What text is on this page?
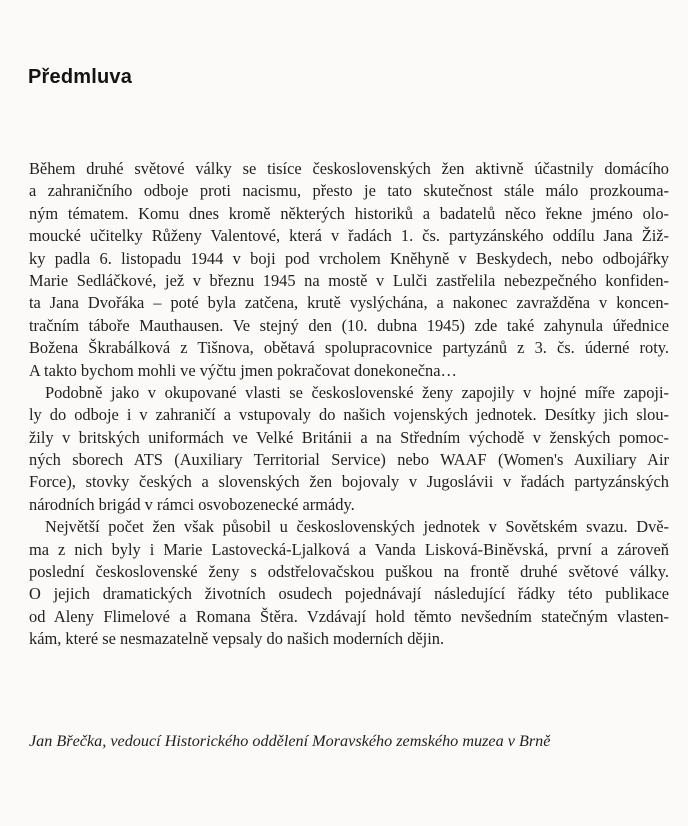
Předmluva

Během druhé světové války se tisíce československých žen aktivně účastnily domácího
a zahraničního odboje proti nacismu, přesto je tato skutečnost stále málo prozkouma-
ným tématem. Komu dnes kromě některých historiků a badatelů něco řekne jméno olo-
moucké učitelky Růženy Valentové, která v řadách 1. čs. partyzánského oddílu Jana Žiž-
ky padla 6. listopadu 1944 v boji pod vrcholem Kněhyně v Beskydech, nebo odbojářky
Marie Sedláčkové, jež v březnu 1945 na mostě v Lulči zastřelila nebezpečného konfiden-
ta Jana Dvořáka – poté byla zatčena, krutě vyslýchána, a nakonec zavražděna v koncen-
tračním táboře Mauthausen. Ve stejný den (10. dubna 1945) zde také zahynula úřednice
Božena Škrabálková z Tišnova, obětavá spolupracovnice partyzánů z 3. čs. úderné roty.
A takto bychom mohli ve výčtu jmen pokračovat donekonečna…

Podobně jako v okupované vlasti se československé ženy zapojily v hojné míře zapoji-
ly do odboje i v zahraničí a vstupovaly do našich vojenských jednotek. Desítky jich slou-
žily v britských uniformách ve Velké Británii a na Středním východě v ženských pomoc-
ných sborech ATS (Auxiliary Territorial Service) nebo WAAF (Women's Auxiliary Air
Force), stovky českých a slovenských žen bojovaly v Jugoslávii v řadách partyzánských
národních brigád v rámci osvobozenecké armády.

Největší počet žen však působil u československých jednotek v Sovětském svazu. Dvě-
ma z nich byly i Marie Lastovecká-Ljalková a Vanda Lisková-Biněvská, první a zároveň
poslední československé ženy s odstřelovačskou puškou na frontě druhé světové války.
O jejich dramatických životních osudech pojednávají následující řádky této publikace
od Aleny Flimelové a Romana Štěra. Vzdávají hold těmto nevšedním statečným vlasten-
kám, které se nesmazatelně vepsaly do našich moderních dějin.

Jan Břečka, vedoucí Historického oddělení Moravského zemského muzea v Brně
